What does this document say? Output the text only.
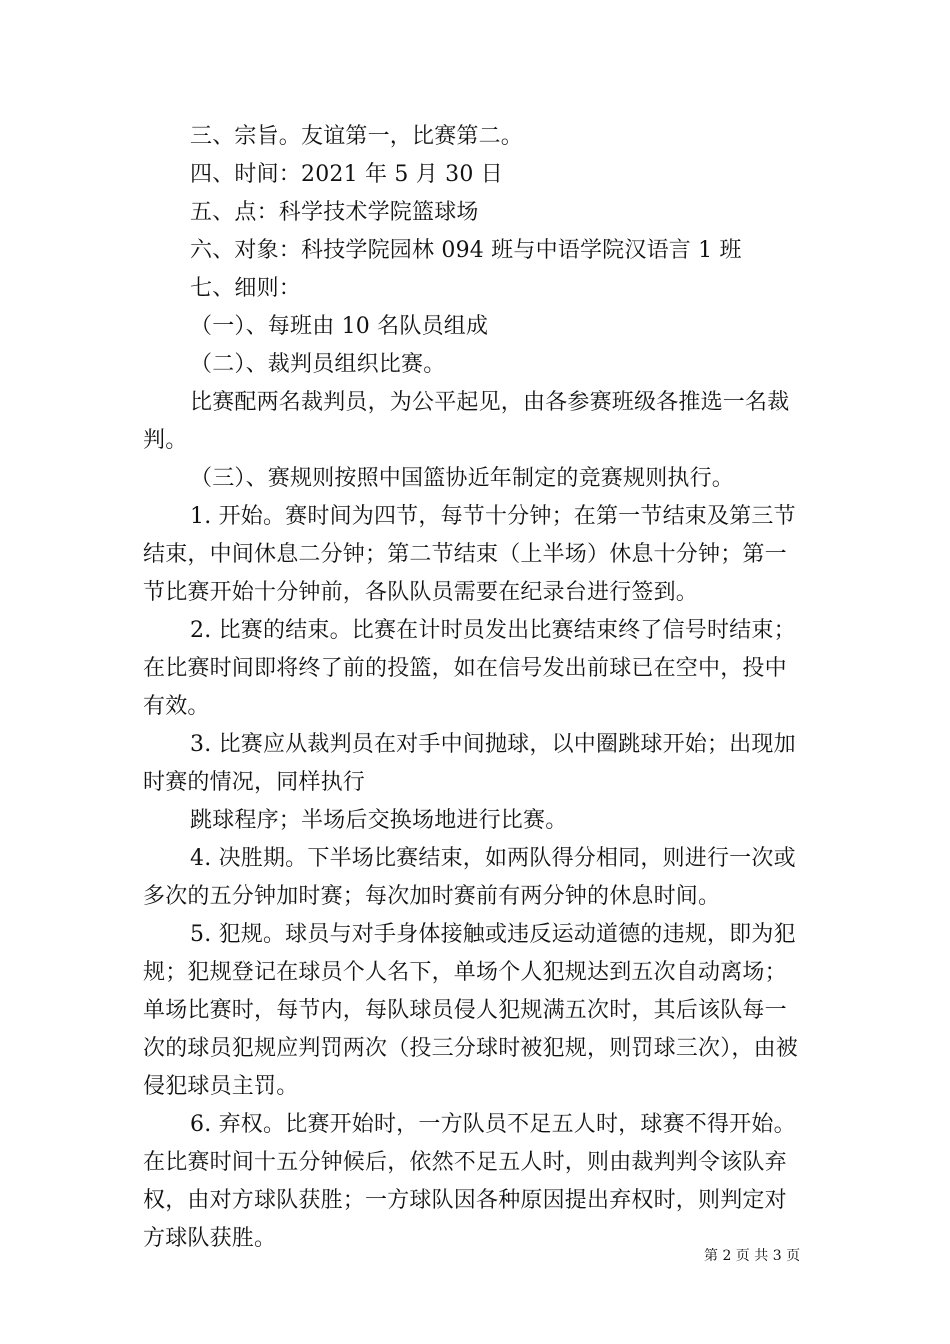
三、宗旨。友谊第一，比赛第二。

四、时间：2021 年 5 月 30 日

五、点：科学技术学院篮球场

六、对象：科技学院园林 094 班与中语学院汉语言 1 班

七、细则：

（一）、每班由 10 名队员组成

（二）、裁判员组织比赛。

比赛配两名裁判员，为公平起见，由各参赛班级各推选一名裁判。

（三）、赛规则按照中国篮协近年制定的竞赛规则执行。

1. 开始。赛时间为四节，每节十分钟；在第一节结束及第三节结束，中间休息二分钟；第二节结束（上半场）休息十分钟；第一节比赛开始十分钟前，各队队员需要在纪录台进行签到。

2. 比赛的结束。比赛在计时员发出比赛结束终了信号时结束；在比赛时间即将终了前的投篮，如在信号发出前球已在空中，投中有效。

3. 比赛应从裁判员在对手中间抛球，以中圈跳球开始；出现加时赛的情况，同样执行

跳球程序；半场后交换场地进行比赛。

4. 决胜期。下半场比赛结束，如两队得分相同，则进行一次或多次的五分钟加时赛；每次加时赛前有两分钟的休息时间。

5. 犯规。球员与对手身体接触或违反运动道德的违规，即为犯规；犯规登记在球员个人名下，单场个人犯规达到五次自动离场；单场比赛时，每节内，每队球员侵人犯规满五次时，其后该队每一次的球员犯规应判罚两次（投三分球时被犯规，则罚球三次），由被侵犯球员主罚。

6. 弃权。比赛开始时，一方队员不足五人时，球赛不得开始。在比赛时间十五分钟候后，依然不足五人时，则由裁判判令该队弃权，由对方球队获胜；一方球队因各种原因提出弃权时，则判定对方球队获胜。

第 2 页 共 3 页
